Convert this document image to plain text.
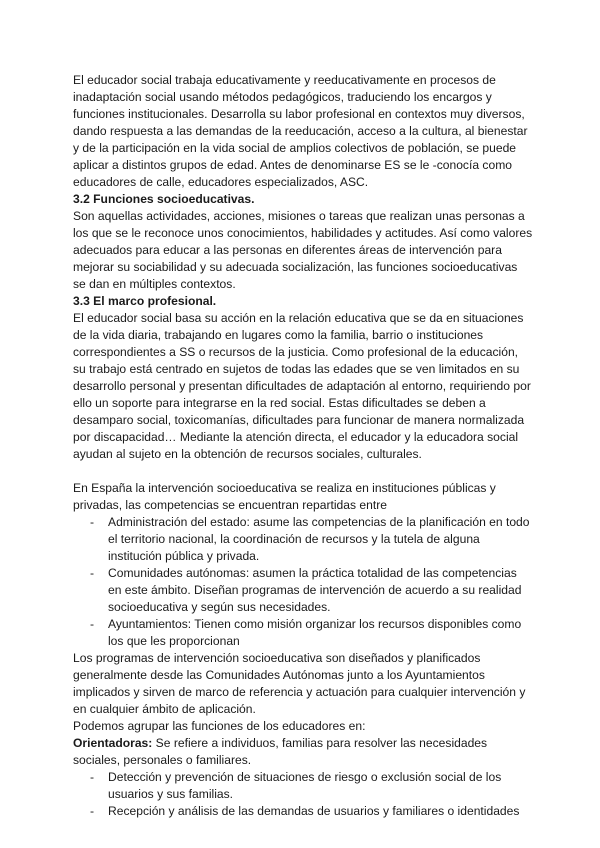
El educador social trabaja educativamente y reeducativamente en procesos de inadaptación social usando métodos pedagógicos, traduciendo los encargos y funciones institucionales. Desarrolla su labor profesional en contextos muy diversos, dando respuesta a las demandas de la reeducación, acceso a la cultura, al bienestar y de la participación en la vida social de amplios colectivos de población, se puede aplicar a distintos grupos de edad. Antes de denominarse ES se le -conocía como educadores de calle, educadores especializados, ASC.

3.2 Funciones socioeducativas.

Son aquellas actividades, acciones, misiones o tareas que realizan unas personas a los que se le reconoce unos conocimientos, habilidades y actitudes. Así como valores adecuados para educar a las personas en diferentes áreas de intervención para mejorar su sociabilidad y su adecuada socialización, las funciones socioeducativas se dan en múltiples contextos.

3.3 El marco profesional.

El educador social basa su acción en la relación educativa que se da en situaciones de la vida diaria, trabajando en lugares como la familia, barrio o instituciones correspondientes a SS o recursos de la justicia. Como profesional de la educación, su trabajo está centrado en sujetos de todas las edades que se ven limitados en su desarrollo personal y presentan dificultades de adaptación al entorno, requiriendo por ello un soporte para integrarse en la red social. Estas dificultades se deben a desamparo social, toxicomanías, dificultades para funcionar de manera normalizada por discapacidad… Mediante la atención directa, el educador y la educadora social ayudan al sujeto en la obtención de recursos sociales, culturales.

En España la intervención socioeducativa se realiza en instituciones públicas y privadas, las competencias se encuentran repartidas entre

- Administración del estado: asume las competencias de la planificación en todo el territorio nacional, la coordinación de recursos y la tutela de alguna institución pública y privada.
- Comunidades autónomas: asumen la práctica totalidad de las competencias en este ámbito. Diseñan programas de intervención de acuerdo a su realidad socioeducativa y según sus necesidades.
- Ayuntamientos: Tienen como misión organizar los recursos disponibles como los que les proporcionan

Los programas de intervención socioeducativa son diseñados y planificados generalmente desde las Comunidades Autónomas junto a los Ayuntamientos implicados y sirven de marco de referencia y actuación para cualquier intervención y en cualquier ámbito de aplicación.

Podemos agrupar las funciones de los educadores en:

Orientadoras: Se refiere a individuos, familias para resolver las necesidades sociales, personales o familiares.

- Detección y prevención de situaciones de riesgo o exclusión social de los usuarios y sus familias.
- Recepción y análisis de las demandas de usuarios y familiares o identidades
